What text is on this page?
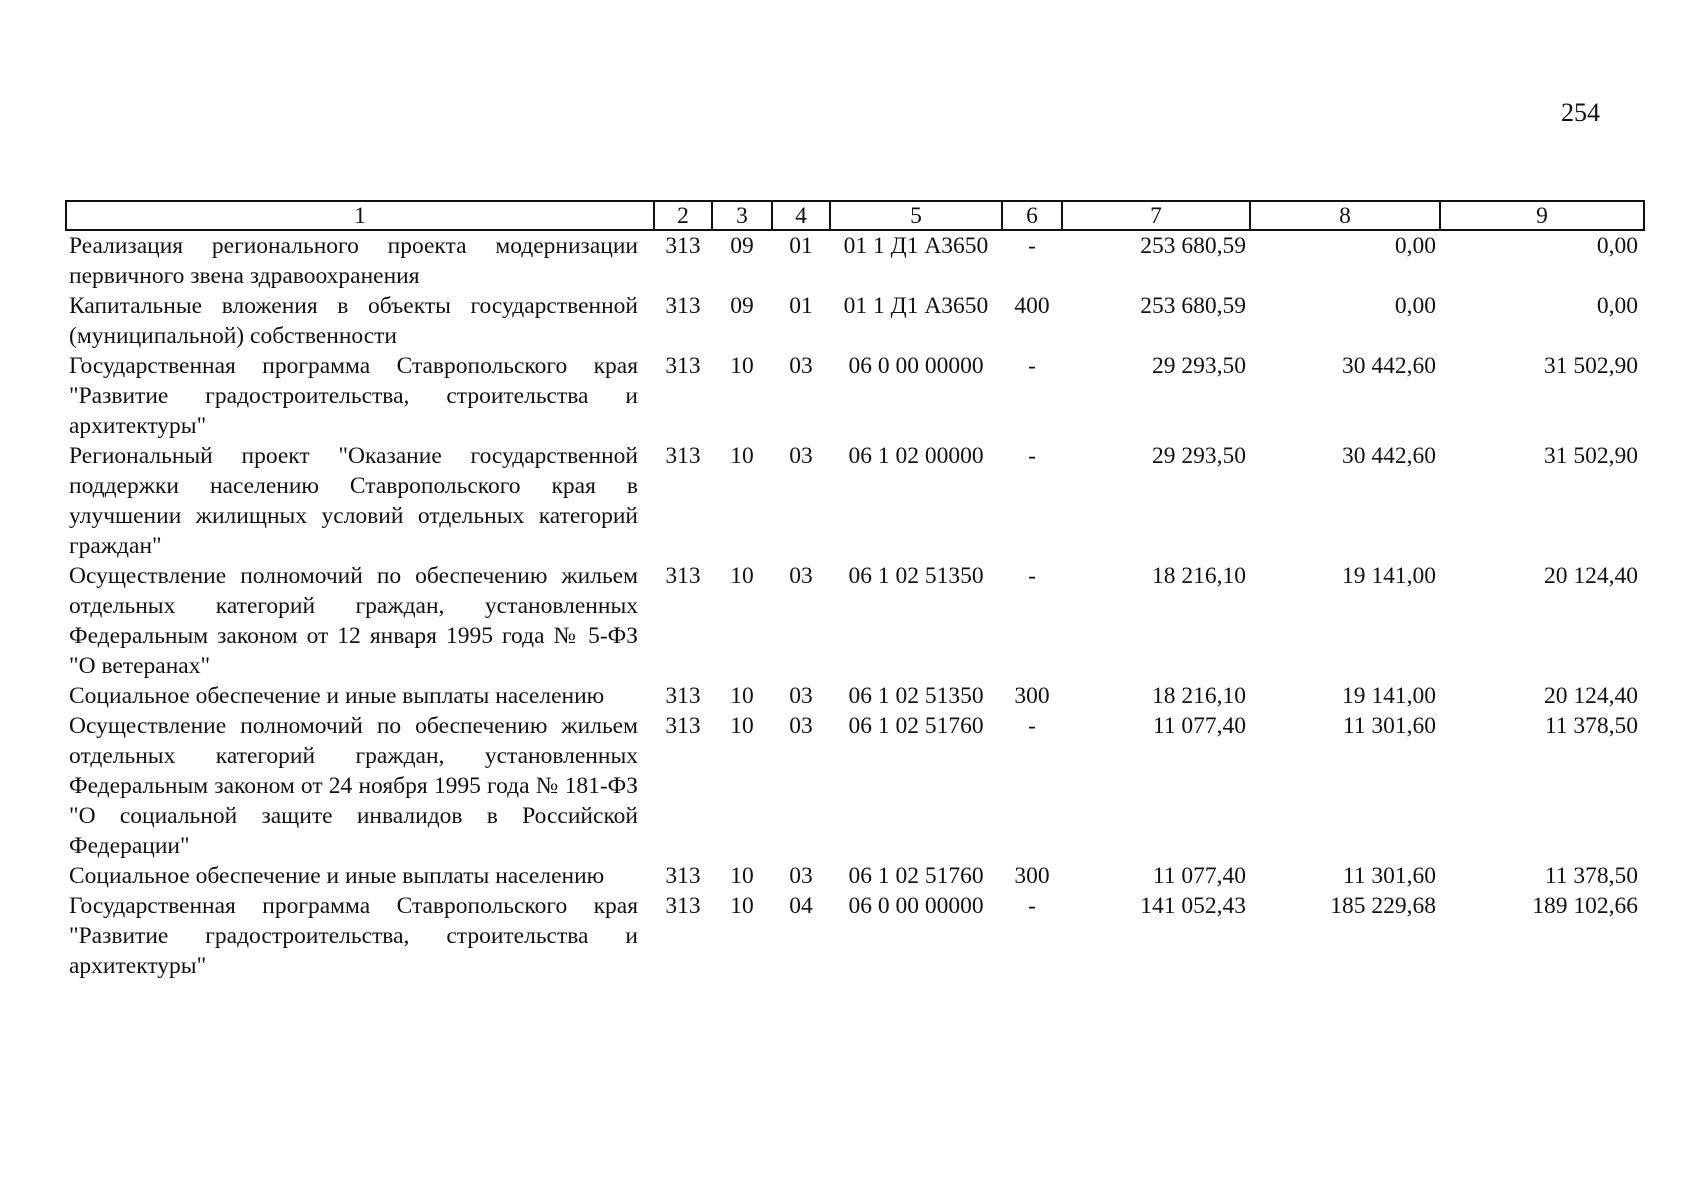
254
1	2	3	4	5	6	7	8	9
Реализация регионального проекта модернизации первичного звена здравоохранения	313	09	01	01 1 Д1 А3650	-	253 680,59	0,00	0,00
Капитальные вложения в объекты государственной (муниципальной) собственности	313	09	01	01 1 Д1 А3650	400	253 680,59	0,00	0,00
Государственная программа Ставропольского края "Развитие градостроительства, строительства и архитектуры"	313	10	03	06 0 00 00000	-	29 293,50	30 442,60	31 502,90
Региональный проект "Оказание государственной поддержки населению Ставропольского края в улучшении жилищных условий отдельных категорий граждан"	313	10	03	06 1 02 00000	-	29 293,50	30 442,60	31 502,90
Осуществление полномочий по обеспечению жильем отдельных категорий граждан, установленных Федеральным законом от 12 января 1995 года № 5-ФЗ "О ветеранах"	313	10	03	06 1 02 51350	-	18 216,10	19 141,00	20 124,40
Социальное обеспечение и иные выплаты населению	313	10	03	06 1 02 51350	300	18 216,10	19 141,00	20 124,40
Осуществление полномочий по обеспечению жильем отдельных категорий граждан, установленных Федеральным законом от 24 ноября 1995 года № 181-ФЗ "О социальной защите инвалидов в Российской Федерации"	313	10	03	06 1 02 51760	-	11 077,40	11 301,60	11 378,50
Социальное обеспечение и иные выплаты населению	313	10	03	06 1 02 51760	300	11 077,40	11 301,60	11 378,50
Государственная программа Ставропольского края "Развитие градостроительства, строительства и архитектуры"	313	10	04	06 0 00 00000	-	141 052,43	185 229,68	189 102,66
